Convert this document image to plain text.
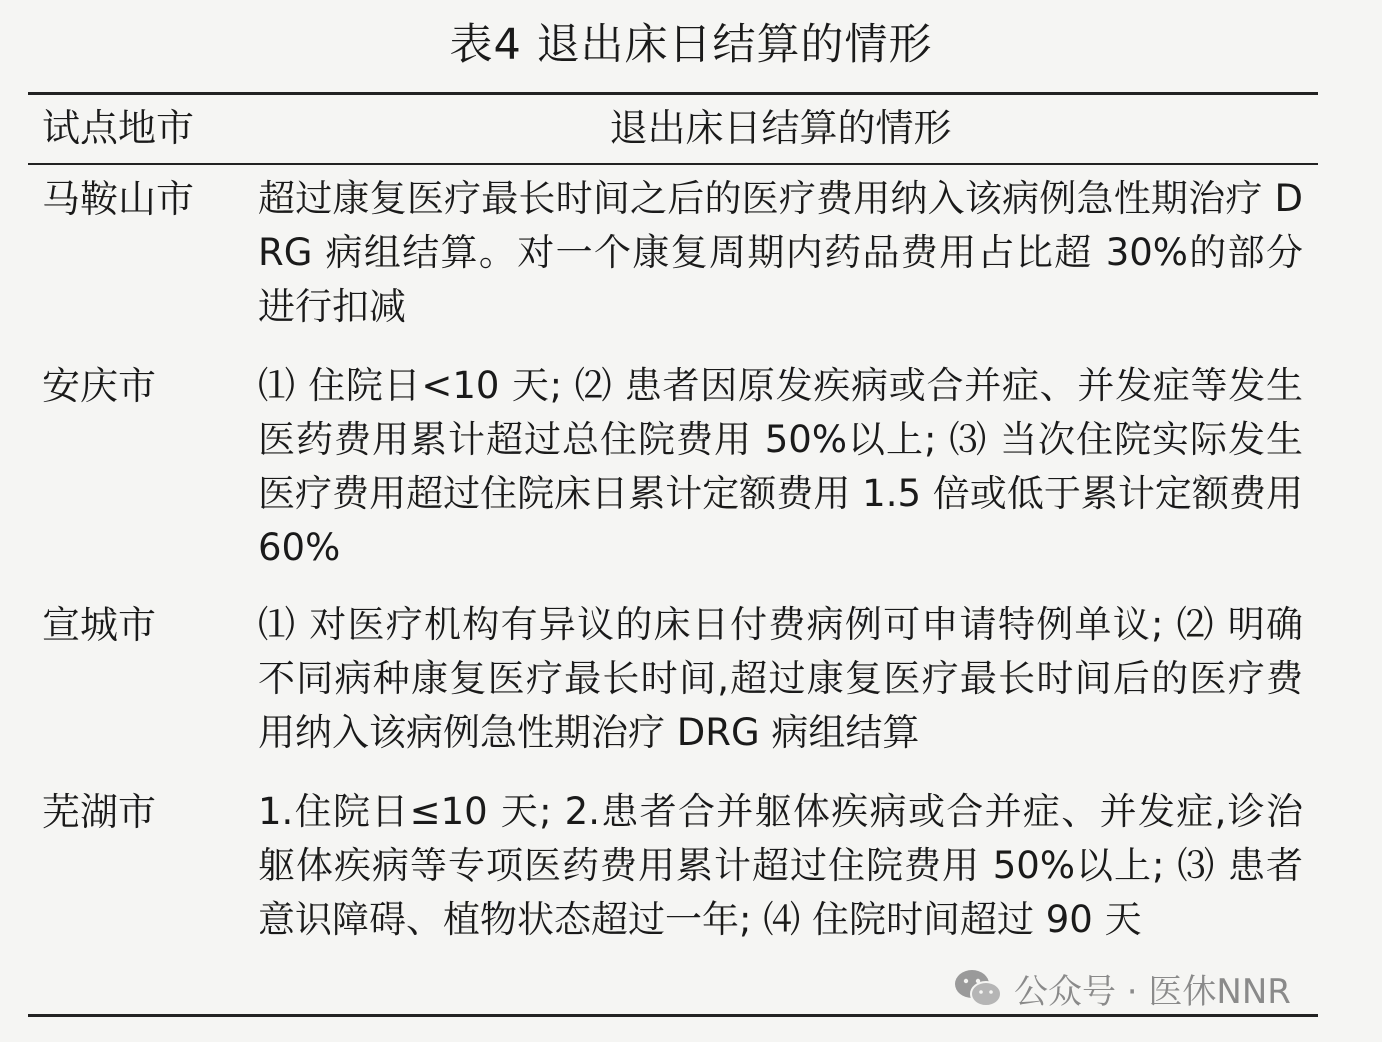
表4 退出床日结算的情形
试点地市	退出床日结算的情形
马鞍山市 超过康复医疗最长时间之后的医疗费用纳入该病例急性期治疗 DRG 病组结算。对一个康复周期内药品费用占比超 30%的部分进行扣减
安庆市	⑴ 住院日<10 天; ⑵ 患者因原发疾病或合并症、并发症等发生医药费用累计超过总住院费用 50%以上; ⑶ 当次住院实际发生医疗费用超过住院床日累计定额费用 1.5 倍或低于累计定额费用 60%
宣城市	⑴ 对医疗机构有异议的床日付费病例可申请特例单议; ⑵ 明确不同病种康复医疗最长时间,超过康复医疗最长时间后的医疗费用纳入该病例急性期治疗 DRG 病组结算
芜湖市	1.住院日≤10 天; 2.患者合并躯体疾病或合并症、并发症,诊治躯体疾病等专项医药费用累计超过住院费用 50%以上; ⑶ 患者意识障碍、植物状态超过一年; ⑷ 住院时间超过 90 天
公众号 · 医休NNR
